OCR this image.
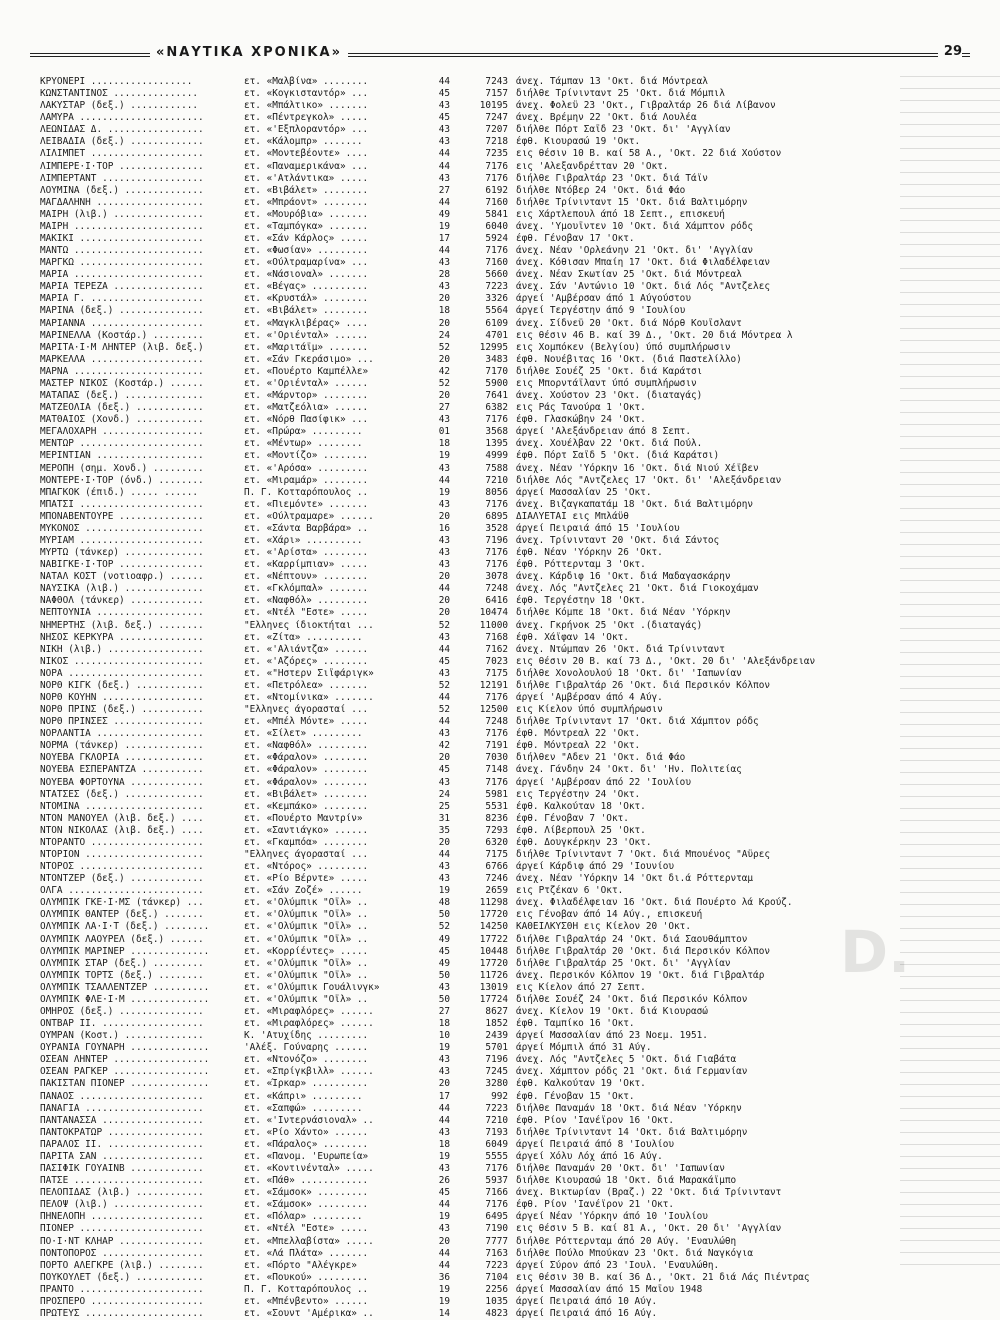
«ΝΑΥΤΙΚΑ ΧΡΟΝΙΚΑ»	29
D.
ΚΡΥΟΝΕΡΙ ..................	ετ. «Μαλβίνα» ........	44	7243 άνεχ. Τάμπαν 13 'Οκτ. διά Μόντρεαλ
ΚΩΝΣΤΑΝΤΙΝΟΣ ...............	ετ. «Κογκισταντόρ» ...	45	7157 διήλθε Τρίνινταντ 25 'Οκτ. διά Μόμπιλ
ΛΑΚΥΣΤΑΡ (δεξ.) ............	ετ. «Μπάλτικο» .......	43	10195 άνεχ. Φολεϋ 23 'Οκτ., Γιβραλτάρ 26 διά Λίβανον
ΛΑΜΥΡΑ ......................	ετ. «Πέντρεγκολ» .....	45	7247 άνεχ. Βρέμην 22 'Οκτ. διά Λουλέα
ΛΕΩΝΙΔΑΣ Δ. .................	ετ. «'Εξπλοραντόρ» ...	43	7207 διήλθε Πόρτ Σαΐδ 23 'Οκτ. δι' 'Αγγλίαν
ΛΕΙΒΑΔΙΑ (δεξ.) .............	ετ. «Κάλομπρ» .......	43	7218 έφθ. Κιουρασώ 19 'Οκτ.
ΛΙΛΙΜΠΕΤ ....................	ετ. «Μοντεβέοντε» ....	44	7235 εις θέσιν 10 Β. καί 58 Α., 'Οκτ. 22 διά Χούστον
ΛΙΜΠΕΡΕ·Ι·ΤΟΡ ...............	ετ. «Παναμερικάνα» ...	44	7176 εις 'Αλεξανδρέτταν 20 'Οκτ.
ΛΙΜΠΕΡΤΑΝΤ ..................	ετ. «'Ατλάντικα» .....	43	7176 διήλθε Γιβραλτάρ 23 'Οκτ. διά Τάϊν
ΛΟΥΜΙΝΑ (δεξ.) ..............	ετ. «Βιβάλετ» ........	27	6192 διήλθε Ντόβερ 24 'Οκτ. διά Φάο
ΜΑΓΔΑΛΗΝΗ ...................	ετ. «Μπράοντ» ........	44	7160 διήλθε Τρίνινταντ 15 'Οκτ. διά Βαλτιμόρην
ΜΑΙΡΗ (λιβ.) ................	ετ. «Μουρόβια» .......	49	5841 εις Χάρτλεπουλ άπό 18 Σεπτ., επισκευή
ΜΑΙΡΗ .......................	ετ. «Ταμπόγκα» .......	19	6040 άνεχ. 'Υμουΐντεν 10 'Οκτ. διά Χάμπτον ρόδς
ΜΑΚΙΚΙ ......................	ετ. «Σάν Κάρλος» .....	17	5924 έφθ. Γένοβαν 17 'Οκτ.
ΜΑΝΤΩ .......................	ετ. «Φωσίαν» .........	44	7176 άνεχ. Νέαν 'Ορλεάνην 21 'Οκτ. δι' 'Αγγλίαν
ΜΑΡΓΚΩ ......................	ετ. «Ούλτραμαρίνα» ...	43	7160 άνεχ. Κόθισαν Μπαίη 17 'Οκτ. διά Φιλαδέλφειαν
ΜΑΡΙΑ .......................	ετ. «Νάσιοναλ» .......	28	5660 άνεχ. Νέαν Σκωτίαν 25 'Οκτ. διά Μόντρεαλ
ΜΑΡΙΑ ΤΕΡΕΖΑ ................	ετ. «Βέγας» ..........	43	7223 άνεχ. Σάν 'Αντώνιο 10 'Οκτ. διά Λός "Αντζελες
ΜΑΡΙΑ Γ. ....................	ετ. «Κρυστάλ» ........	20	3326 άργεί 'Αμβέρσαν άπό 1 Αύγούστου
ΜΑΡΙΝΑ (δεξ.) ...............	ετ. «Βιβάλετ» ........	18	5564 άργεί Τεργέστην άπό 9 'Ιουλίου
ΜΑΡΙΑΝΝΑ ....................	ετ. «Μαγκλιβέρας» ....	20	6109 άνεχ. Σίδνεϋ 20 'Οκτ. διά Νόρθ Κουΐσλαντ
ΜΑΡΙΝΕΛΛΑ (Κοστάρ.) .........	ετ. «'Οριένταλ» ......	24	4701 εις θέσιν 46 Β. καί 39 Δ., 'Οκτ. 20 διά Μόντρεα λ
ΜΑΡΙΤΑ·Ι·Μ ΛΗΝΤΕΡ (λιβ. δεξ.)	ετ. «Μαριτάϊμ» .......	52	12995 εις Χομπόκεν (Βελγίου) ύπό συμπλήρωσιν
ΜΑΡΚΕΛΛΑ ....................	ετ. «Σάν Γκεράσιμο» ...	20	3483 έφθ. Νουέβιτας 16 'Οκτ. (διά Παστελίλλο)
ΜΑΡΝΑ .......................	ετ. «Πουέρτο Καμπέλλε»	42	7170 διήλθε Σουέζ 25 'Οκτ. διά Καράτσι
ΜΑΣΤΕΡ ΝΙΚΟΣ (Κοστάρ.) ......	ετ. «'Οριένταλ» ......	52	5900 εις Μπορντάϊλαντ ύπό συμπλήρωσιν
ΜΑΤΑΠΑΣ (δεξ.) ..............	ετ. «Μάρντορ» ........	20	7641 άνεχ. Χούστον 23 'Οκτ. (διαταγάς)
ΜΑΤΖΕΟΛΙΑ (δεξ.) ............	ετ. «Ματζεόλια» ......	27	6382 εις Ράς Τανούρα 1 'Οκτ.
ΜΑΤΘΑΙΟΣ (Χονδ.) ............	ετ. «Νόρθ Πασίφικ» ...	43	7176 έφθ. Γλασκώβην 24 'Οκτ.
ΜΕΓΑΛΟΧΑΡΗ ..................	ετ. «Πρώρα» .........	01	3568 άργεί 'Αλεξάνδρειαν άπό 8 Σεπτ.
ΜΕΝΤΩΡ ......................	ετ. «Μέντωρ» ........	18	1395 άνεχ. Χουέλβαν 22 'Οκτ. διά Πούλ.
ΜΕΡΙΝΤΙΑΝ ...................	ετ. «Μοντίζο» ........	19	4999 έφθ. Πόρτ Σαΐδ 5 'Οκτ. (διά Καράτσι)
ΜΕΡΟΠΗ (σημ. Χονδ.) .........	ετ. «'Αρόσα» .........	43	7588 άνεχ. Νέαν 'Υόρκην 16 'Οκτ. διά Νιού Χέϊβεν
ΜΟΝΤΕΡΕ·Ι·ΤΟΡ (όνδ.) ........	ετ. «Μιραμάρ» ........	44	7210 διήλθε Λός "Αντζελες 17 'Οκτ. δι' 'Αλεξάνδρειαν
ΜΠΑΓΚΟΚ (έπιδ.) ..... ......	Π. Γ. Κοτταρόπουλος ..	19	8056 άργεί Μασσαλίαν 25 'Οκτ.
ΜΠΑΤΣΙ ......................	ετ. «Πιεμόντε» .......	43	7176 άνεχ. Βιζαγκαπατάμ 18 'Οκτ. διά Βαλτιμόρην
ΜΠΟΝΑΒΕΝΤΟΥΡΕ ...............	ετ. «Ούλτραμαρε» ......	20	6895 ΔΙΑΛΥΕΤΑΙ εις Μπλάϋθ
ΜΥΚΟΝΟΣ .....................	ετ. «Σάντα Βαρβάρα» ..	16	3528 άργεί Πειραιά άπό 15 'Ιουλίου
ΜΥΡΙΑΜ ......................	ετ. «Χάρι» ..........	43	7196 άνεχ. Τρίνινταντ 20 'Οκτ. διά Σάντος
ΜΥΡΤΩ (τάνκερ) ..............	ετ. «'Αρίστα» ........	43	7176 έφθ. Νέαν 'Υόρκην 26 'Οκτ.
ΝΑΒΙΓΚΕ·Ι·ΤΟΡ ...............	ετ. «Καρρίμπιαν» .....	43	7176 έφθ. Ρόττερνταμ 3 'Οκτ.
ΝΑΤΑΛ ΚΟΣΤ (νοτιοαφρ.) ......	ετ. «Νέπτουν» ........	20	3078 άνεχ. Κάρδιφ 16 'Οκτ. διά Μαδαγασκάρην
ΝΑΥΣΙΚΑ (λιβ.) ..............	ετ. «Γκλόμπαλ» .......	44	7248 άνεχ. Λός "Αντζελες 21 'Οκτ. διά Γιοκοχάμαν
ΝΑΦΘΟΛ (τάνκερ) .............	ετ. «Ναφθόλ» .........	20	6416 έφθ. Τεργέστην 18 'Οκτ.
ΝΕΠΤΟΥΝΙΑ ...................	ετ. «Ντέλ "Εστε» .....	20	10474 διήλθε Κόμπε 18 'Οκτ. διά Νέαν 'Υόρκην
ΝΗΜΕΡΤΗΣ (λιβ. δεξ.) ........	"Ελληνες ίδιοκτήται ...	52	11000 άνεχ. Γκρήνοκ 25 'Οκτ .(διαταγάς)
ΝΗΣΟΣ ΚΕΡΚΥΡΑ ...............	ετ. «Ζίτα» ..........	43	7168 έφθ. Χάϊφαν 14 'Οκτ.
ΝΙΚΗ (λιβ.) .................	ετ. «'Αλιάντζα» ......	44	7162 άνεχ. Ντώμπαν 26 'Οκτ. διά Τρίνινταντ
ΝΙΚΟΣ .......................	ετ. «'Αζόρες» ........	45	7023 εις θέσιν 20 Β. καί 73 Δ., 'Οκτ. 20 δι' 'Αλεξάνδρειαν
ΝΟΡΑ ........................	ετ. «"Ηστερν Σιΐφάριγκ»	43	7175 διήλθε Χονολουλού 18 'Οκτ. δι' 'Ιαπωνίαν
ΝΟΡΘ ΚΙΓΚ (δεξ.) ............	ετ. «Πετρόλεα» .......	52	12191 διήλθε Γιβραλτάρ 26 'Οκτ. διά Περσικόν Κόλπον
ΝΟΡΘ ΚΟΥΗΝ ..................	ετ. «Ντομίνικα» .......	44	7176 άργεί 'Αμβέρσαν άπό 4 Αύγ.
ΝΟΡΘ ΠΡΙΝΣ (δεξ.) ...........	"Ελληνες άγορασταί ...	52	12500 εις Κίελον ύπό συμπλήρωσιν
ΝΟΡΘ ΠΡΙΝΣΕΣ ................	ετ. «Μπέλ Μόντε» .....	44	7248 διήλθε Τρίνινταντ 17 'Οκτ. διά Χάμπτον ρόδς
ΝΟΡΛΑΝΤΙΑ ...................	ετ. «Σίλετ» .........	43	7176 έφθ. Μόντρεαλ 22 'Οκτ.
ΝΟΡΜΑ (τάνκερ) ..............	ετ. «Ναφθόλ» .........	42	7191 έφθ. Μόντρεαλ 22 'Οκτ.
ΝΟΥΕΒΑ ΓΚΛΟΡΙΑ ..............	ετ. «Φάραλον» ........	20	7030 διήλθεν "Αδεν 21 'Οκτ. διά Φάο
ΝΟΥΕΒΑ ΕΣΠΕΡΑΝΤΖΑ ...........	ετ. «Φάραλον» ........	45	7148 άνεχ. Γάνδην 24 'Οκτ. δι' 'Ην. Πολιτείας
ΝΟΥΕΒΑ ΦΟΡΤΟΥΝΑ .............	ετ. «Φάραλον» ........	43	7176 άργεί 'Αμβέρσαν άπό 22 'Ιουλίου
ΝΤΑΤΣΕΣ (δεξ.) ..............	ετ. «Βιβάλετ» ........	24	5981 εις Τεργέστην 24 'Οκτ.
ΝΤΟΜΙΝΑ .....................	ετ. «Κεμπάκο» ........	25	5531 έφθ. Καλκούταν 18 'Οκτ.
ΝΤΟΝ ΜΑΝΟΥΕΛ (λιβ. δεξ.) ....	ετ. «Πουέρτο Μαντρίν»	31	8236 έφθ. Γένοβαν 7 'Οκτ.
ΝΤΟΝ ΝΙΚΟΛΑΣ (λιβ. δεξ.) ....	ετ. «Σαντιάγκο» ......	35	7293 έφθ. Λίβερπουλ 25 'Οκτ.
ΝΤΟΡΑΝΤΟ ....................	ετ. «Γκαμπόα» ........	20	6320 έφθ. Δουγκέρκην 23 'Οκτ.
ΝΤΟΡΙΟΝ .....................	"Ελληνες άγορασταί ...	44	7175 διήλθε Τρίνινταντ 7 'Οκτ. διά Μπουένος "Αϋρες
ΝΤΟΡΟΣ ......................	ετ. «Ντόρος» .........	43	6766 άργεί Κάρδιφ άπό 29 'Ιουνίου
ΝΤΟΝΤΖΕΡ (δεξ.) .............	ετ. «Ρίο Βέρντε» .....	43	7246 άνεχ. Νέαν 'Υόρκην 14 'Οκτ δι.ά Ρόττερνταμ
ΟΛΓΑ ........................	ετ. «Σάν Ζοζέ» ......	19	2659 εις Ρτζέκαν 6 'Οκτ.
ΟΛΥΜΠΙΚ ΓΚΕ·Ι·ΜΣ (τάνκερ) ...	ετ. «'Ολύμπικ "Οϊλ» ..	48	11298 άνεχ. Φιλαδέλφειαν 16 'Οκτ. διά Πουέρτο λά Κρούζ.
ΟΛΥΜΠΙΚ ΘΑΝΤΕΡ (δεξ.) .......	ετ. «'Ολύμπικ "Οϊλ» ..	50	17720 εις Γένοβαν άπό 14 Αύγ., επισκευή
ΟΛΥΜΠΙΚ ΛΑ·Ι·Τ (δεξ.) ........	ετ. «'Ολύμπικ "Οϊλ» ..	52	14250 ΚΑΘΕΙΛΚΥΣΘΗ εις Κίελον 20 'Οκτ.
ΟΛΥΜΠΙΚ ΛΑΟΥΡΕΛ (δεξ.) ......	ετ. «'Ολύμπικ "Οϊλ» ..	49	17722 διήλθε Γιβραλτάρ 24 'Οκτ. διά Σαουθάμπτον
ΟΛΥΜΠΙΚ ΜΑΡΙΝΕΡ ..............	ετ. «Κορρίέντες» .....	45	10448 διήλθε Γιβραλτάρ 20 'Οκτ. διά Περσικόν Κόλπον
ΟΛΥΜΠΙΚ ΣΤΑΡ (δεξ.) .........	ετ. «'Ολύμπικ "Οϊλ» ..	49	17720 διήλθε Γιβραλτάρ 25 'Οκτ. δι' 'Αγγλίαν
ΟΛΥΜΠΙΚ ΤΟΡΤΣ (δεξ.) ........	ετ. «'Ολύμπικ "Οϊλ» ..	50	11726 άνεχ. Περσικόν Κόλπον 19 'Οκτ. διά Γιβραλτάρ
ΟΛΥΜΠΙΚ ΤΣΑΛΛΕΝΤΖΕΡ ..........	ετ. «'Ολύμπικ Γουάλινγκ»	43	13019 εις Κίελον άπό 27 Σεπτ.
ΟΛΥΜΠΙΚ ΦΛΕ·Ι·Μ ..............	ετ. «'Ολύμπικ "Οϊλ» ..	50	17724 διήλθε Σουέζ 24 'Οκτ. διά Περσικόν Κόλπον
ΟΜΗΡΟΣ (δεξ.) ...............	ετ. «Μιραφλόρες» ......	27	8627 άνεχ. Κίελον 19 'Οκτ. διά Κιουρασώ
ΟΝΤΒΑΡ ΙΙ. ..................	ετ. «Μιραφλόρες» ......	18	1852 έφθ. Ταμπίκο 16 'Οκτ.
ΟΥΜΡΑΝ (Κοστ.) ..............	Κ. 'Ατυχίδης .........	10	2439 άργεί Μασσαλίαν άπό 23 Νοεμ. 1951.
ΟΥΡΑΝΙΑ ΓΟΥΝΑΡΗ ..............	'Αλέξ. Γούναρης ......	19	5701 άργεί Μόμπιλ άπό 31 Αύγ.
ΟΣΕΑΝ ΛΗΝΤΕΡ .................	ετ. «Ντονόζο» ........	43	7196 άνεχ. Λός "Αντζελες 5 'Οκτ. διά Γιαβάτα
ΟΣΕΑΝ ΡΑΓΚΕΡ .................	ετ. «Σπρίγκβιλλ» ......	43	7245 άνεχ. Χάμπτον ρόδς 21 'Οκτ. διά Γερμανίαν
ΠΑΚΙΣΤΑΝ ΠΙΟΝΕΡ ..............	ετ. «Ίρκαρ» ..........	20	3280 έφθ. Καλκούταν 19 'Οκτ.
ΠΑΝΑΟΣ ......................	ετ. «Κάπρι» .........	17	992 έφθ. Γένοβαν 15 'Οκτ.
ΠΑΝΑΓΙΑ .....................	ετ. «Σαπφώ» .........	44	7223 διήλθε Παναμάν 18 'Οκτ. διά Νέαν 'Υόρκην
ΠΑΝΤΑΝΑΣΣΑ ..................	ετ. «'Ιντερνάσιοναλ» ..	44	7210 έφθ. Ρίον 'Ιανέϊρον 16 'Οκτ.
ΠΑΝΤΟΚΡΑΤΩΡ .................	ετ. «Ρίο Χάντο» ......	43	7193 διήλθε Τρίνινταντ 14 'Οκτ. διά Βαλτιμόρην
ΠΑΡΑΛΟΣ ΙΙ. .................	ετ. «Πάραλος» ........	18	6049 άργεί Πειραιά άπό 8 'Ιουλίου
ΠΑΡΙΤΑ ΣΑΝ ..................	ετ. «Πανομ. 'Ευρωπεία»	19	5555 άργεί Χόλυ Λόχ άπό 16 Αύγ.
ΠΑΣΙΦΙΚ ΓΟΥΑΙΝΒ .............	ετ. «Κοντινένταλ» .....	43	7176 διήλθε Παναμάν 20 'Οκτ. δι' 'Ιαπωνίαν
ΠΑΤΣΕ .......................	ετ. «Πάθ» ............	26	5937 διήλθε Κιουρασώ 18 'Οκτ. διά Μαρακάϊμπο
ΠΕΛΟΠΙΔΑΣ (λιβ.) ............	ετ. «Σάμσοκ» .........	45	7166 άνεχ. Βικτωρίαν (Βραζ.) 22 'Οκτ. διά Τρίνινταντ
ΠΕΛΟΨ (λιβ.) ................	ετ. «Σάμσοκ» .........	44	7176 έφθ. Ρίον 'Ιανέϊρον 21 'Οκτ.
ΠΗΝΕΛΟΠΗ ....................	ετ. «Πόλαρ» .........	19	6495 άργεί Νέαν 'Υόρκην άπό 10 'Ιουλίου
ΠΙΟΝΕΡ ......................	ετ. «Ντέλ "Εστε» .....	43	7190 εις θέσιν 5 Β. καί 81 Α., 'Οκτ. 20 δι' 'Αγγλίαν
ΠΟ·Ι·ΝΤ ΚΛΗΑΡ ...............	ετ. «Μπελλαβίστα» .....	20	7777 διήλθε Ρόττερνταμ άπό 20 Αύγ. 'Εναυλώθη
ΠΟΝΤΟΠΟΡΟΣ ..................	ετ. «Λά Πλάτα» .......	44	7163 διήλθε Πούλο Μπούκαν 23 'Οκτ. διά Ναγκόγια
ΠΟΡΤΟ ΑΛΕΓΚΡΕ (λιβ.) ........	ετ. «Πόρτο "Αλέγκρε»	44	7223 άργεί Σύρον άπό 23 'Ιουλ. 'Εναυλώθη.
ΠΟΥΚΟΥΛΕΤ (δεξ.) ............	ετ. «Πουκού» .........	36	7104 εις θέσιν 30 Β. καί 36 Δ., 'Οκτ. 21 διά Λάς Πιέντρας
ΠΡΑΝΤΟ ......................	Π. Γ. Κοτταρόπουλος ..	19	2256 άργεί Μασσαλίαν άπό 15 Μαΐου 1948
ΠΡΟΣΠΕΡΟ ....................	ετ. «Μπένβεντο» ......	19	1035 άργεί Πειραιά άπό 10 Αύγ.
ΠΡΩΤΕΥΣ .....................	ετ. «Σουντ 'Αμέρικα» ..	14	4823 άργεί Πειραιά άπό 16 Αύγ.
